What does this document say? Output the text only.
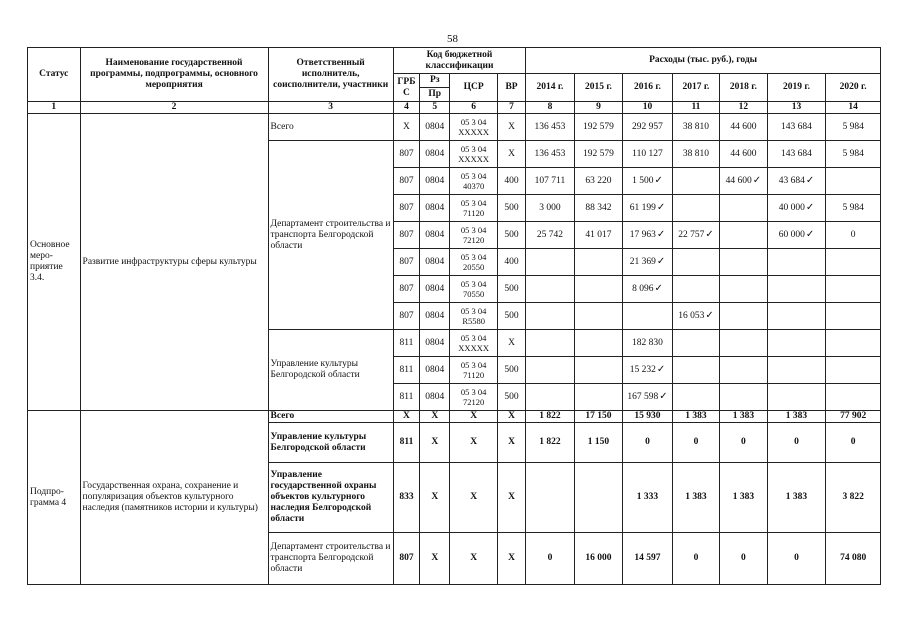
58
Статус	Наименование государственной программы, подпрограммы, основного мероприятия	Ответственный исполнитель, соисполнители, участники	Код бюджетной классификации				Расходы (тыс. руб.), годы						
			ГРБ С	Рз	ЦСР	ВР	2014 г.	2015 г.	2016 г.	2017 г.	2018 г.	2019 г.	2020 г.
				Пр									
1	2	3	4	5	6	7	8	9	10	11	12	13	14
Основное меро-приятие 3.4.	Развитие инфраструктуры сферы культуры	Всего	X	0804	05 3 04 XXXXX	X	136 453	192 579	292 957	38 810	44 600	143 684	5 984
		Департамент строительства и транспорта Белгородской области	807	0804	05 3 04 XXXXX	X	136 453	192 579	110 127	38 810	44 600	143 684	5 984
			807	0804	05 3 04 40370	400	107 711	63 220	1 500✓		44 600✓	43 684✓	
			807	0804	05 3 04 71120	500	3 000	88 342	61 199✓			40 000✓	5 984
			807	0804	05 3 04 72120	500	25 742	41 017	17 963✓	22 757✓		60 000✓	0
			807	0804	05 3 04 20550	400			21 369✓				
			807	0804	05 3 04 70550	500			8 096✓				
			807	0804	05 3 04 R5580	500				16 053✓			
		Управление культуры Белгородской области	811	0804	05 3 04 XXXXX	X			182 830				
			811	0804	05 3 04 71120	500			15 232✓				
			811	0804	05 3 04 72120	500			167 598✓				
Подпро-грамма 4	Государственная охрана, сохранение и популяризация объектов культурного наследия (памятников истории и культуры)	Всего	X	X	X	X	1 822	17 150	15 930	1 383	1 383	1 383	77 902
		Управление культуры Белгородской области	811	X	X	X	1 822	1 150	0	0	0	0	0
		Управление государственной охраны объектов культурного наследия Белгородской области	833	X	X	X			1 333	1 383	1 383	1 383	3 822
		Департамент строительства и транспорта Белгородской области	807	X	X	X	0	16 000	14 597	0	0	0	74 080
